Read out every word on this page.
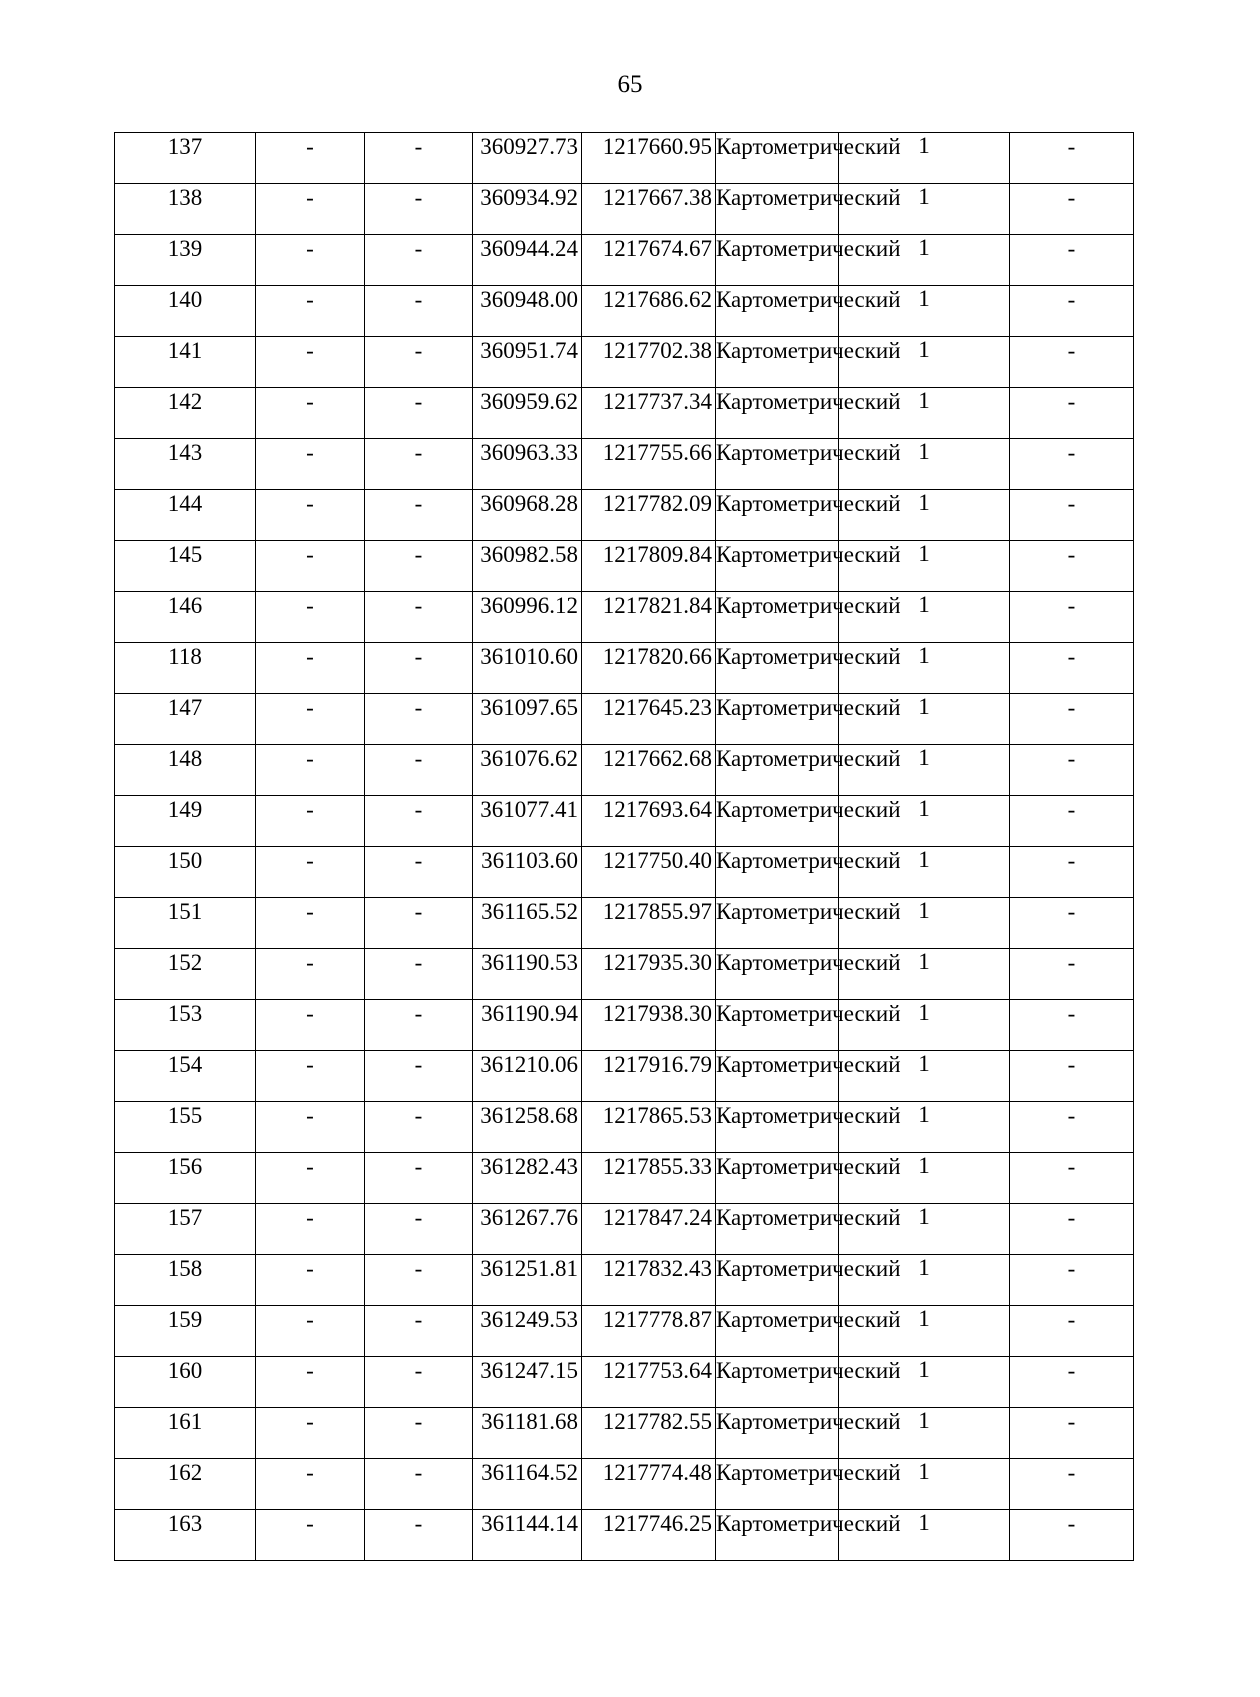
65
137	-	-	360927.73	1217660.95	Картометрический	1	-
138	-	-	360934.92	1217667.38	Картометрический	1	-
139	-	-	360944.24	1217674.67	Картометрический	1	-
140	-	-	360948.00	1217686.62	Картометрический	1	-
141	-	-	360951.74	1217702.38	Картометрический	1	-
142	-	-	360959.62	1217737.34	Картометрический	1	-
143	-	-	360963.33	1217755.66	Картометрический	1	-
144	-	-	360968.28	1217782.09	Картометрический	1	-
145	-	-	360982.58	1217809.84	Картометрический	1	-
146	-	-	360996.12	1217821.84	Картометрический	1	-
118	-	-	361010.60	1217820.66	Картометрический	1	-
147	-	-	361097.65	1217645.23	Картометрический	1	-
148	-	-	361076.62	1217662.68	Картометрический	1	-
149	-	-	361077.41	1217693.64	Картометрический	1	-
150	-	-	361103.60	1217750.40	Картометрический	1	-
151	-	-	361165.52	1217855.97	Картометрический	1	-
152	-	-	361190.53	1217935.30	Картометрический	1	-
153	-	-	361190.94	1217938.30	Картометрический	1	-
154	-	-	361210.06	1217916.79	Картометрический	1	-
155	-	-	361258.68	1217865.53	Картометрический	1	-
156	-	-	361282.43	1217855.33	Картометрический	1	-
157	-	-	361267.76	1217847.24	Картометрический	1	-
158	-	-	361251.81	1217832.43	Картометрический	1	-
159	-	-	361249.53	1217778.87	Картометрический	1	-
160	-	-	361247.15	1217753.64	Картометрический	1	-
161	-	-	361181.68	1217782.55	Картометрический	1	-
162	-	-	361164.52	1217774.48	Картометрический	1	-
163	-	-	361144.14	1217746.25	Картометрический	1	-
